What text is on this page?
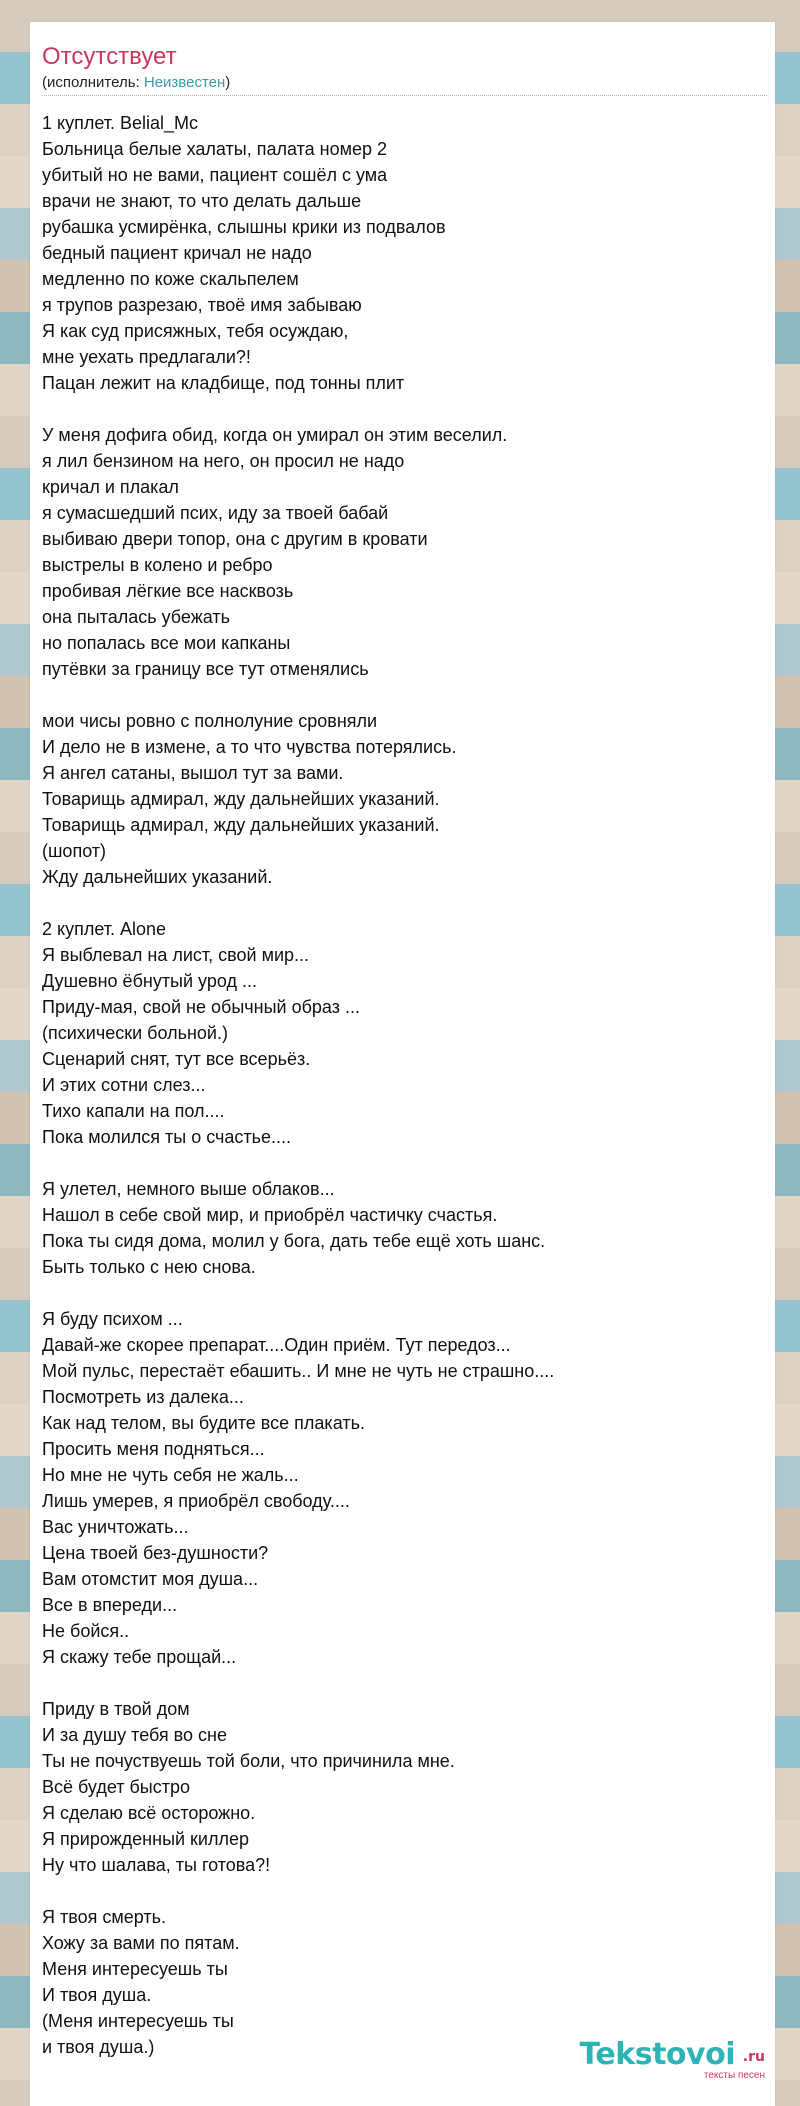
Отсутствует
(исполнитель: Неизвестен)
1 куплет. Belial_Mc
Больница белые халаты, палата номер 2
убитый но не вами, пациент сошёл с ума
врачи не знают, то что делать дальше
рубашка усмирёнка, слышны крики из подвалов
бедный пациент кричал не надо
медленно по коже скальпелем
я трупов разрезаю, твоё имя забываю
Я как суд присяжных, тебя осуждаю,
мне уехать предлагали?!
Пацан лежит на кладбище, под тонны плит
У меня дофига обид, когда он умирал он этим веселил.
я лил бензином на него, он просил не надо
кричал и плакал
я сумасшедший псих, иду за твоей бабай
выбиваю двери топор, она с другим в кровати
выстрелы в колено и ребро
пробивая лёгкие все насквозь
она пыталась убежать
но попалась все мои капканы
путёвки за границу все тут отменялись
мои чисы ровно с полнолуние сровняли
И дело не в измене, а то что чувства потерялись.
Я ангел сатаны, вышол тут за вами.
Товарищь адмирал, жду дальнейших указаний.
Товарищь адмирал, жду дальнейших указаний.
(шопот)
Жду дальнейших указаний.
2 куплет. Alone
Я выблевал на лист, свой мир...
Душевно ёбнутый урод ...
Приду-мая, свой не обычный образ ...
(психически больной.)
Сценарий снят, тут все всерьёз.
И этих сотни слез...
Тихо капали на пол....
Пока молился ты о счастье....
Я улетел, немного выше облаков...
Нашол в себе свой мир, и приобрёл частичку счастья.
Пока ты сидя дома, молил у бога, дать тебе ещё хоть шанс.
Быть только с нею снова.
Я буду психом ...
Давай-же скорее препарат....Один приём. Тут передоз...
Мой пульс, перестаёт ебашить.. И мне не чуть не страшно....
Посмотреть из далека...
Как над телом, вы будите все плакать.
Просить меня подняться...
Но мне не чуть себя не жаль...
Лишь умерев, я приобрёл свободу....
Вас уничтожать...
Цена твоей без-душности?
Вам отомстит моя душа...
Все в впереди...
Не бойся..
Я скажу тебе прощай...
Приду в твой дом
И за душу тебя во сне
Ты не почуствуешь той боли, что причинила мне.
Всё будет быстро
Я сделаю всё осторожно.
Я прирожденный киллер
Ну что шалава, ты готова?!
Я твоя смерть.
Хожу за вами по пятам.
Меня интересуешь ты
И твоя душа.
(Меня интересуешь ты
и твоя душа.)	Tekstovoi .ru
тексты песен
